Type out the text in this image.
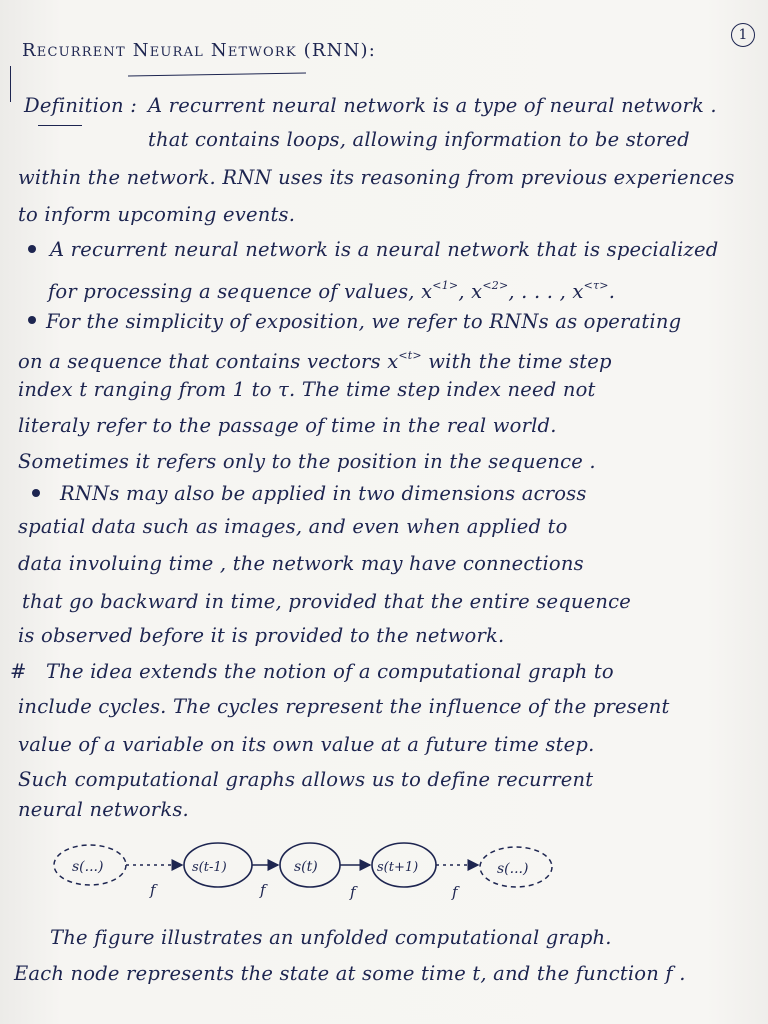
1
Recurrent Neural Network (RNN):
Definition : A recurrent neural network is a type of neural network .
that contains loops, allowing information to be stored
within the network. RNN uses its reasoning from previous experiences
to inform upcoming events.
A recurrent neural network is a neural network that is specialized
for processing a sequence of values, $x^{<1>}$, $x^{<2>}$, . . . , $x^{<\tau>}$.
For the simplicity of exposition, we refer to RNNs as operating
on a sequence that contains vectors $x^{<t>}$ with the time step
index t ranging from 1 to τ. The time step index need not
literaly refer to the passage of time in the real world.
Sometimes it refers only to the position in the sequence .
RNNs may also be applied in two dimensions across
spatial data such as images, and even when applied to
data involuing time , the network may have connections
that go backward in time, provided that the entire sequence
is observed before it is provided to the network.
# The idea extends the notion of a computational graph to
include cycles. The cycles represent the influence of the present
value of a variable on its own value at a future time step.
Such computational graphs allows us to define recurrent
neural networks.
s(...)	s(t-1)	s(t)	s(t+1)	s(...)
f	f	f	f
The figure illustrates an unfolded computational graph.
Each node represents the state at some time t, and the function f .
